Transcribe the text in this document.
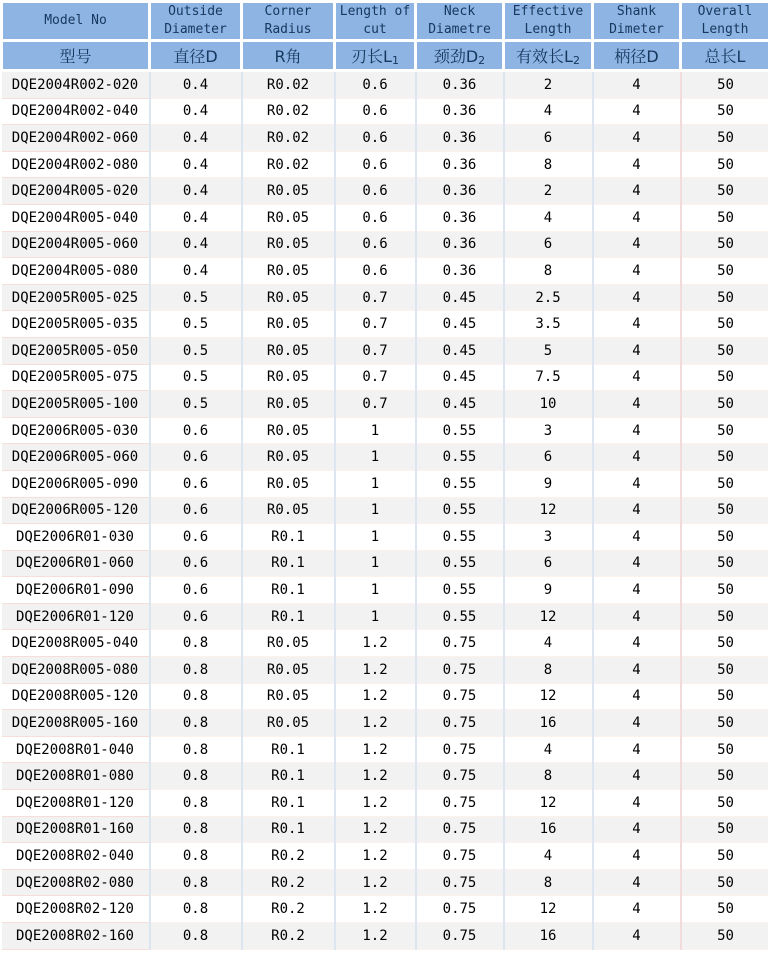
Model No	Outside Diameter	Corner Radius	Length of cut	Neck Diametre	Effective Length	Shank Dimeter	Overall Length
型号	直径D	R角	刃长L1	颈劲D2	有效长L2	柄径D	总长L
DQE2004R002-020	0.4	R0.02	0.6	0.36	2	4	50
DQE2004R002-040	0.4	R0.02	0.6	0.36	4	4	50
DQE2004R002-060	0.4	R0.02	0.6	0.36	6	4	50
DQE2004R002-080	0.4	R0.02	0.6	0.36	8	4	50
DQE2004R005-020	0.4	R0.05	0.6	0.36	2	4	50
DQE2004R005-040	0.4	R0.05	0.6	0.36	4	4	50
DQE2004R005-060	0.4	R0.05	0.6	0.36	6	4	50
DQE2004R005-080	0.4	R0.05	0.6	0.36	8	4	50
DQE2005R005-025	0.5	R0.05	0.7	0.45	2.5	4	50
DQE2005R005-035	0.5	R0.05	0.7	0.45	3.5	4	50
DQE2005R005-050	0.5	R0.05	0.7	0.45	5	4	50
DQE2005R005-075	0.5	R0.05	0.7	0.45	7.5	4	50
DQE2005R005-100	0.5	R0.05	0.7	0.45	10	4	50
DQE2006R005-030	0.6	R0.05	1	0.55	3	4	50
DQE2006R005-060	0.6	R0.05	1	0.55	6	4	50
DQE2006R005-090	0.6	R0.05	1	0.55	9	4	50
DQE2006R005-120	0.6	R0.05	1	0.55	12	4	50
DQE2006R01-030	0.6	R0.1	1	0.55	3	4	50
DQE2006R01-060	0.6	R0.1	1	0.55	6	4	50
DQE2006R01-090	0.6	R0.1	1	0.55	9	4	50
DQE2006R01-120	0.6	R0.1	1	0.55	12	4	50
DQE2008R005-040	0.8	R0.05	1.2	0.75	4	4	50
DQE2008R005-080	0.8	R0.05	1.2	0.75	8	4	50
DQE2008R005-120	0.8	R0.05	1.2	0.75	12	4	50
DQE2008R005-160	0.8	R0.05	1.2	0.75	16	4	50
DQE2008R01-040	0.8	R0.1	1.2	0.75	4	4	50
DQE2008R01-080	0.8	R0.1	1.2	0.75	8	4	50
DQE2008R01-120	0.8	R0.1	1.2	0.75	12	4	50
DQE2008R01-160	0.8	R0.1	1.2	0.75	16	4	50
DQE2008R02-040	0.8	R0.2	1.2	0.75	4	4	50
DQE2008R02-080	0.8	R0.2	1.2	0.75	8	4	50
DQE2008R02-120	0.8	R0.2	1.2	0.75	12	4	50
DQE2008R02-160	0.8	R0.2	1.2	0.75	16	4	50
